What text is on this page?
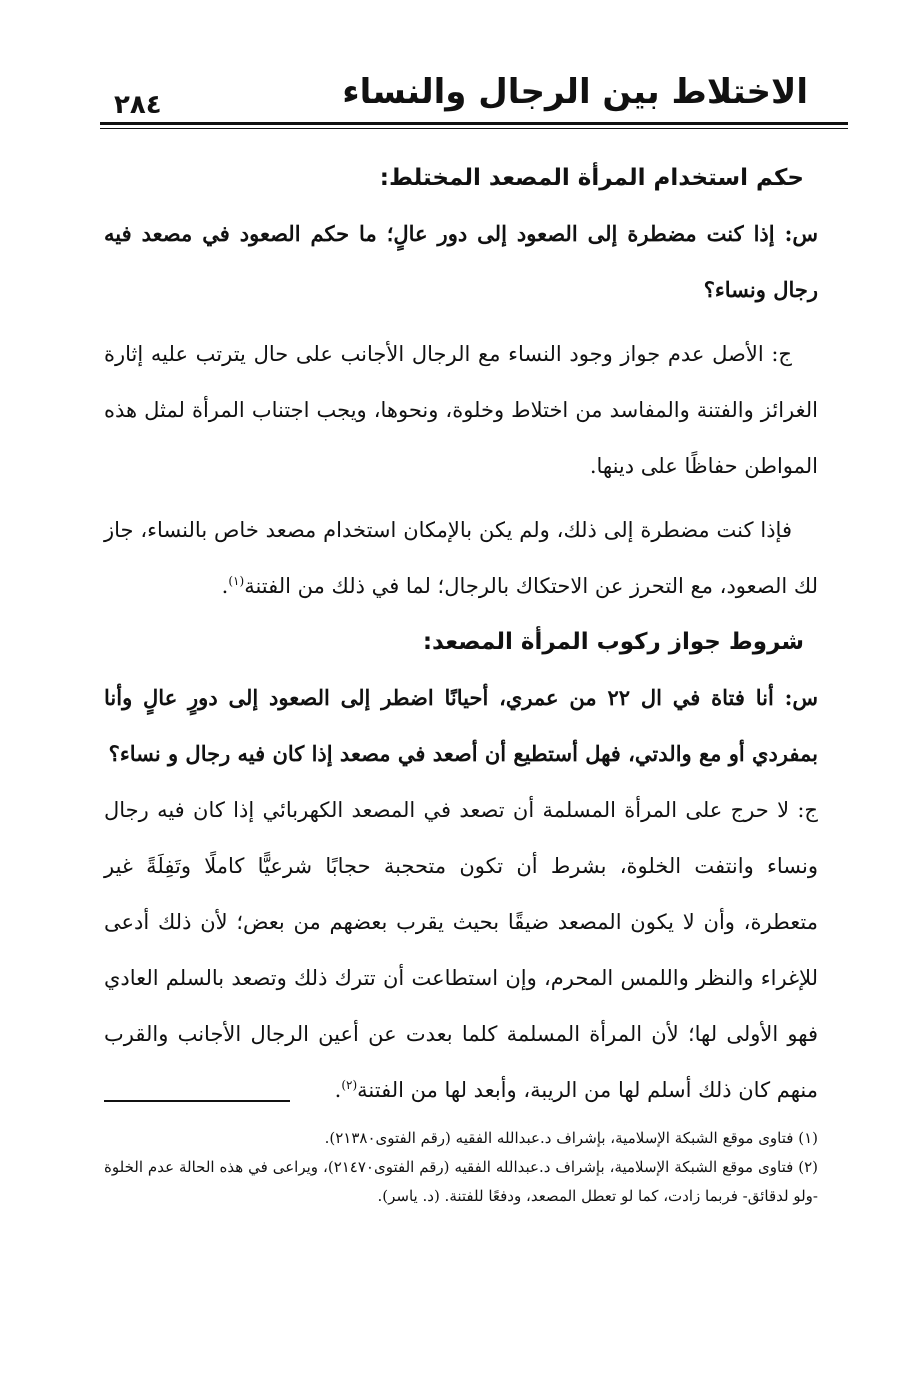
٢٨٤	الاختلاط بين الرجال والنساء

حكم استخدام المرأة المصعد المختلط:

س: إذا كنت مضطرة إلى الصعود إلى دور عالٍ؛ ما حكم الصعود في مصعد فيه رجال ونساء؟

ج: الأصل عدم جواز وجود النساء مع الرجال الأجانب على حال يترتب عليه إثارة الغرائز والفتنة والمفاسد من اختلاط وخلوة، ونحوها، ويجب اجتناب المرأة لمثل هذه المواطن حفاظًا على دينها.

فإذا كنت مضطرة إلى ذلك، ولم يكن بالإمكان استخدام مصعد خاص بالنساء، جاز لك الصعود، مع التحرز عن الاحتكاك بالرجال؛ لما في ذلك من الفتنة$^{(١)}$.

شروط جواز ركوب المرأة المصعد:

س: أنا فتاة في ال ٢٢ من عمري، أحيانًا اضطر إلى الصعود إلى دورٍ عالٍ وأنا بمفردي أو مع والدتي، فهل أستطيع أن أصعد في مصعد إذا كان فيه رجال و نساء؟

ج: لا حرج على المرأة المسلمة أن تصعد في المصعد الكهربائي إذا كان فيه رجال ونساء وانتفت الخلوة، بشرط أن تكون متحجبة حجابًا شرعيًّا كاملًا وتَفِلَةً غير متعطرة، وأن لا يكون المصعد ضيقًا بحيث يقرب بعضهم من بعض؛ لأن ذلك أدعى للإغراء والنظر واللمس المحرم، وإن استطاعت أن تترك ذلك وتصعد بالسلم العادي فهو الأولى لها؛ لأن المرأة المسلمة كلما بعدت عن أعين الرجال الأجانب والقرب منهم كان ذلك أسلم لها من الريبة، وأبعد لها من الفتنة$^{(٢)}$.

(١) فتاوى موقع الشبكة الإسلامية، بإشراف د.عبدالله الفقيه (رقم الفتوى٢١٣٨٠).

(٢) فتاوى موقع الشبكة الإسلامية، بإشراف د.عبدالله الفقيه (رقم الفتوى٢١٤٧٠)، ويراعى في هذه الحالة عدم الخلوة -ولو لدقائق- فربما زادت، كما لو تعطل المصعد، ودفعًا للفتنة. (د. ياسر).
